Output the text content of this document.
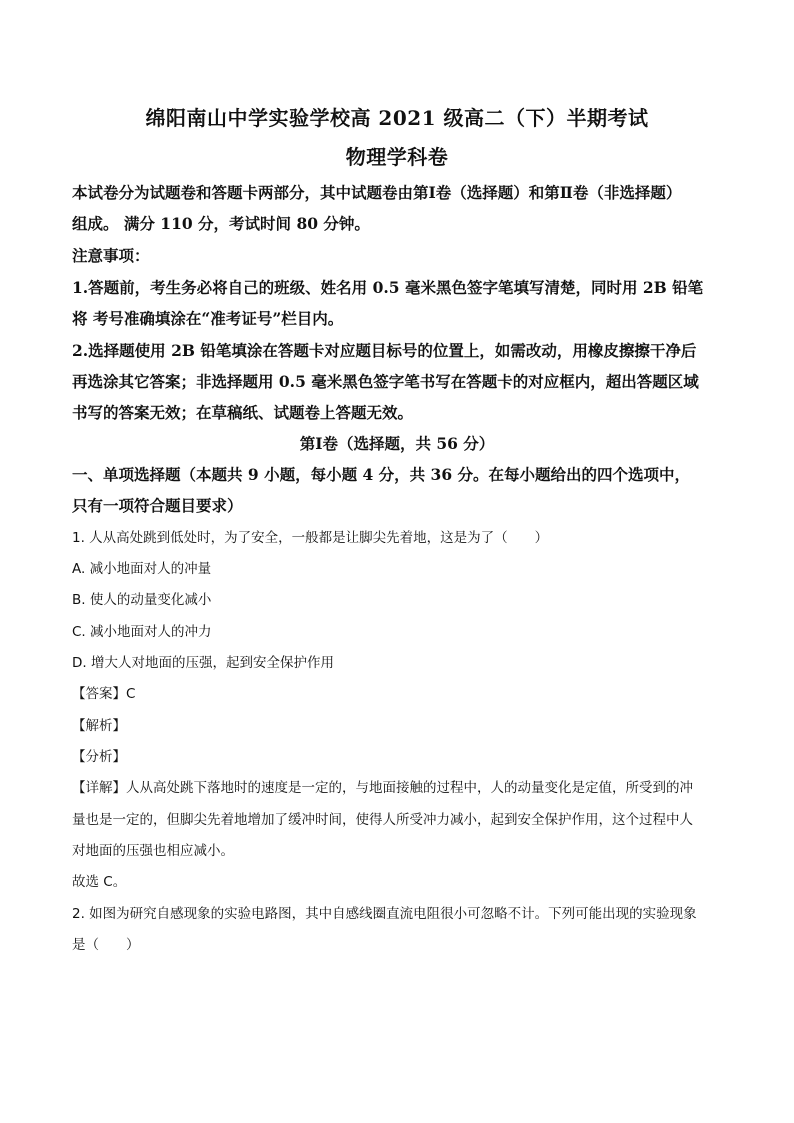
绵阳南山中学实验学校高 2021 级高二（下）半期考试
物理学科卷
本试卷分为试题卷和答题卡两部分，其中试题卷由第Ⅰ卷（选择题）和第Ⅱ卷（非选择题）
组成。 满分 110 分，考试时间 80 分钟。
注意事项：
1.答题前，考生务必将自己的班级、姓名用 0.5 毫米黑色签字笔填写清楚，同时用 2B 铅笔
将 考号准确填涂在“准考证号”栏目内。
2.选择题使用 2B 铅笔填涂在答题卡对应题目标号的位置上，如需改动，用橡皮擦擦干净后
再选涂其它答案；非选择题用 0.5 毫米黑色签字笔书写在答题卡的对应框内，超出答题区域
书写的答案无效；在草稿纸、试题卷上答题无效。
第Ⅰ卷（选择题，共 56 分）
一、单项选择题（本题共 9 小题，每小题 4 分，共 36 分。在每小题给出的四个选项中，
只有一项符合题目要求）
1. 人从高处跳到低处时，为了安全，一般都是让脚尖先着地，这是为了（　　）
A. 减小地面对人的冲量
B. 使人的动量变化减小
C. 减小地面对人的冲力
D. 增大人对地面的压强，起到安全保护作用
【答案】C
【解析】
【分析】
【详解】人从高处跳下落地时的速度是一定的，与地面接触的过程中，人的动量变化是定值，所受到的冲
量也是一定的，但脚尖先着地增加了缓冲时间，使得人所受冲力减小，起到安全保护作用，这个过程中人
对地面的压强也相应减小。
故选 C。
2. 如图为研究自感现象的实验电路图，其中自感线圈直流电阻很小可忽略不计。下列可能出现的实验现象
是（　　）
